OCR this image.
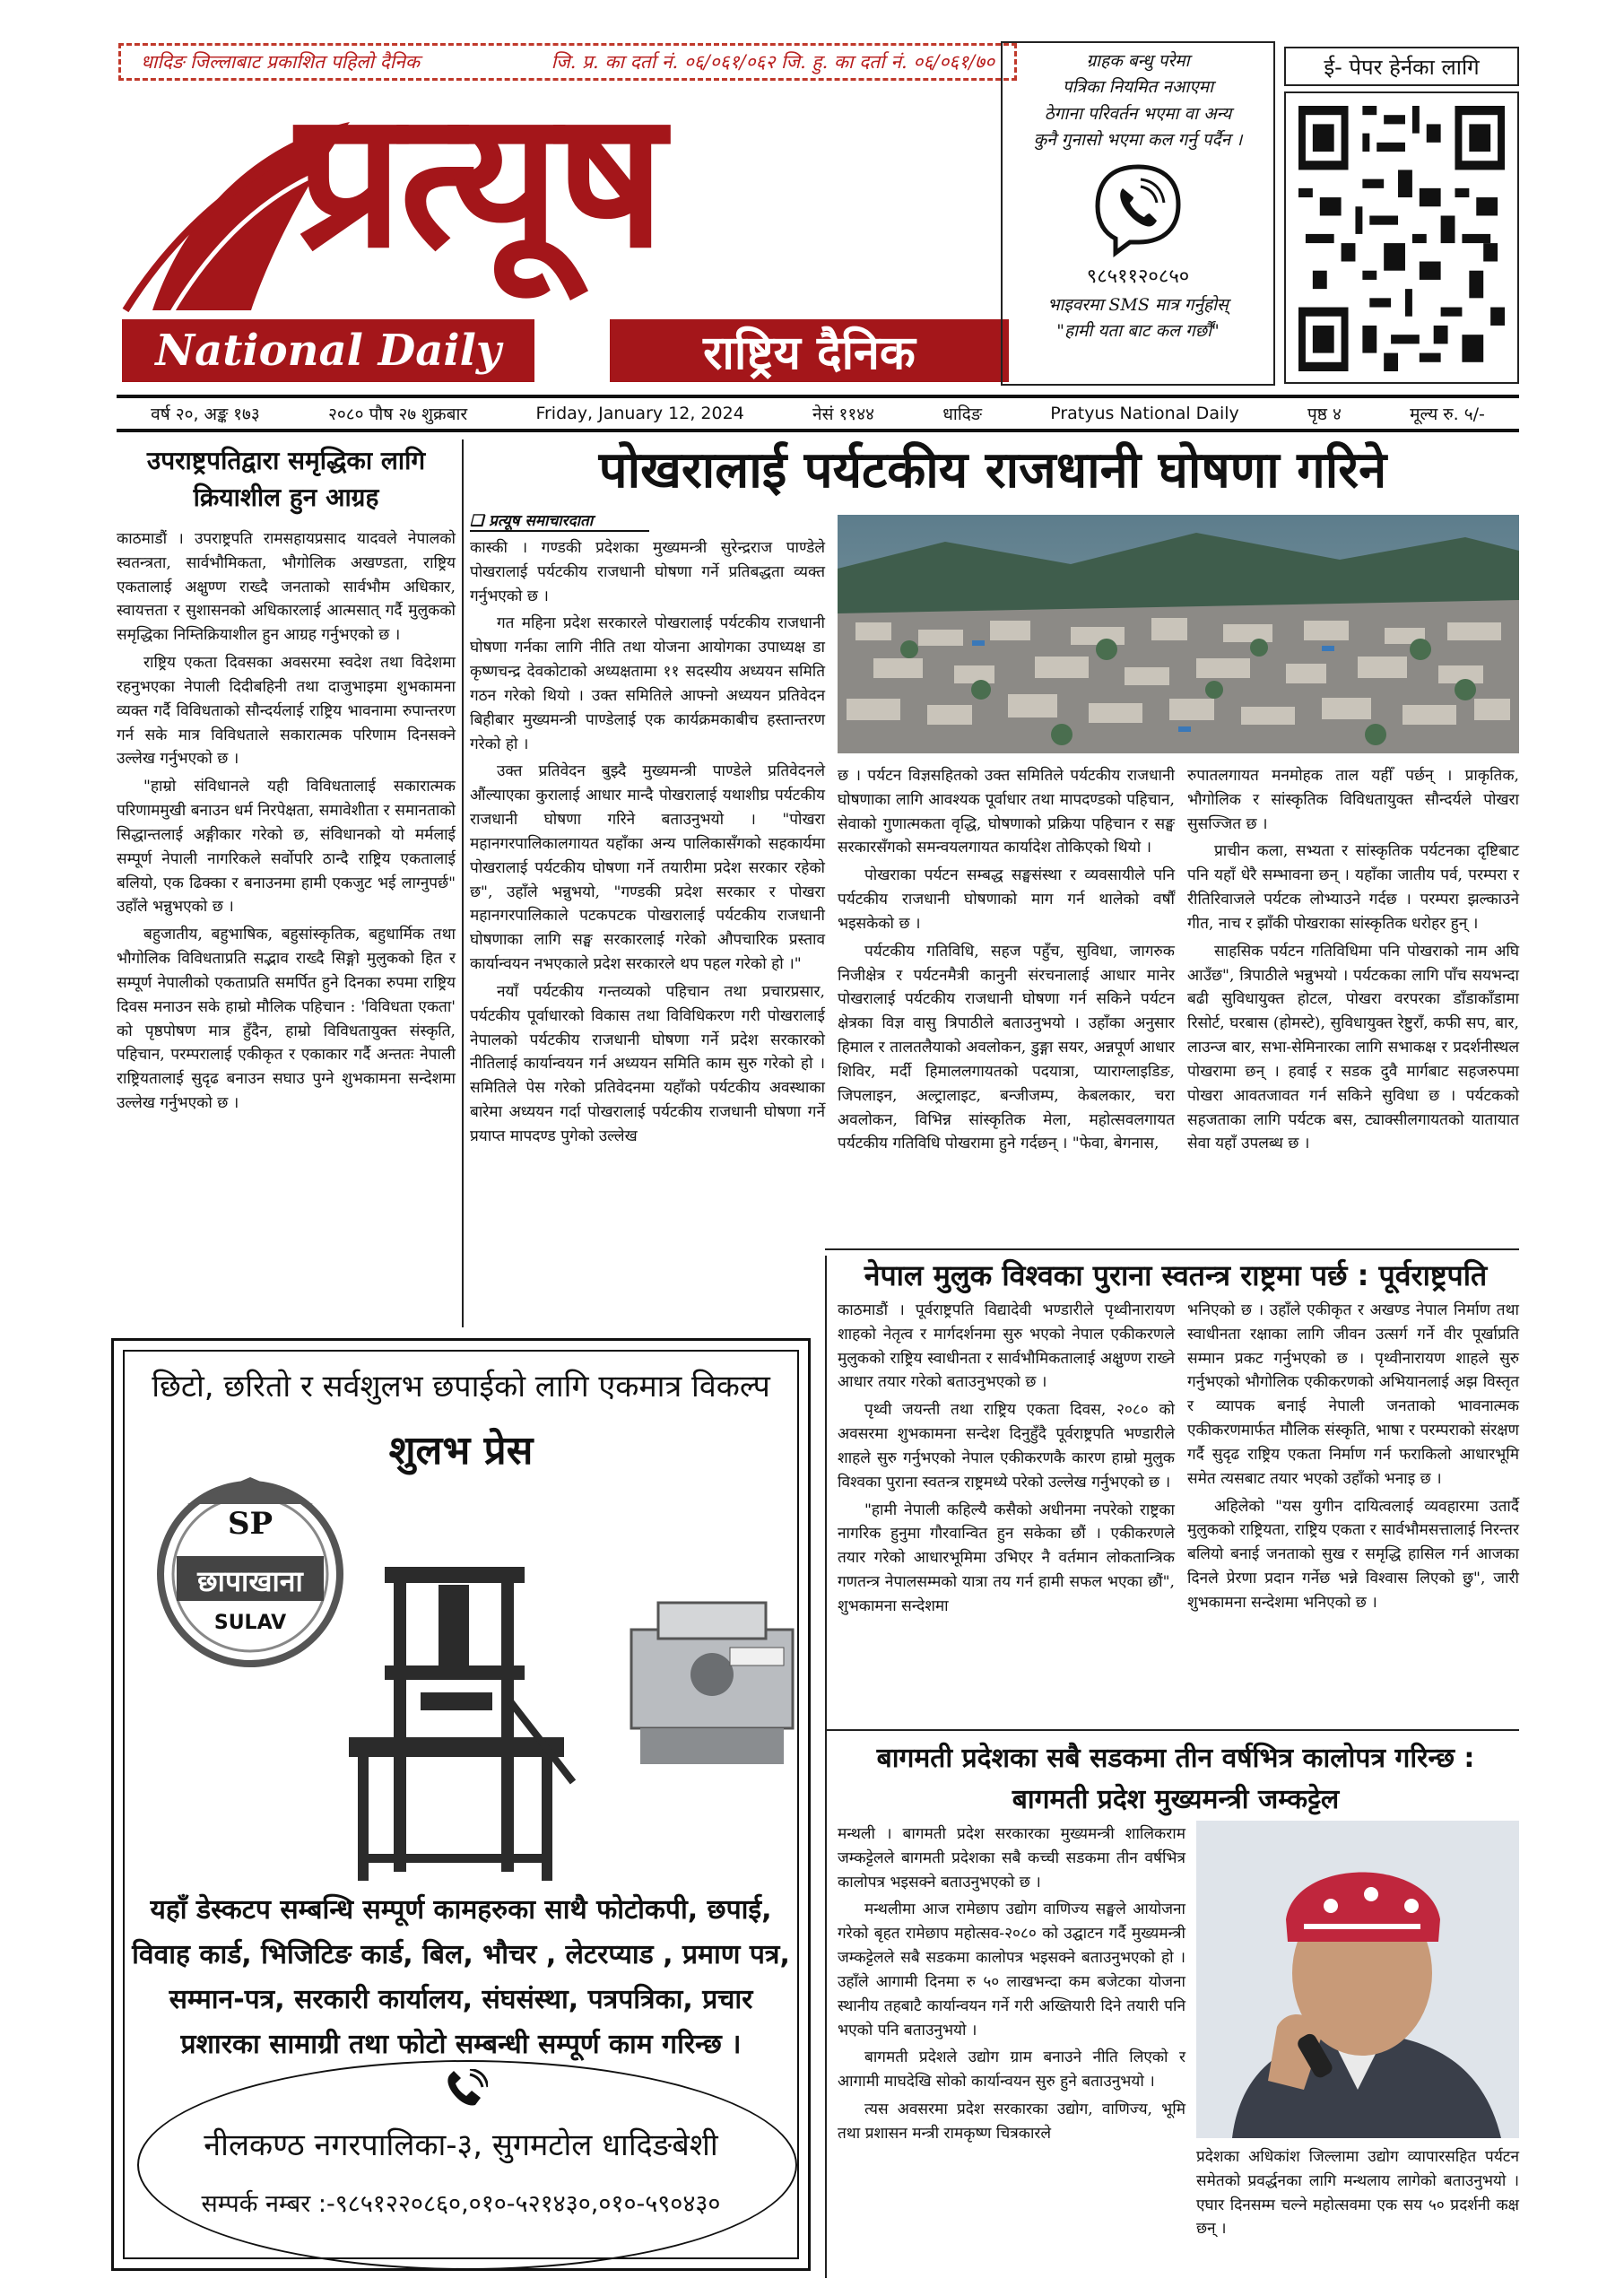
धादिङ जिल्लाबाट प्रकाशित पहिलो दैनिक	जि. प्र. का दर्ता नं. ०६/०६१/०६२ जि. हु. का दर्ता नं. ०६/०६१/७०
प्रत्यूष
National Daily	राष्ट्रिय दैनिक
ग्राहक बन्धु परेमा
पत्रिका नियमित नआएमा
ठेगाना परिवर्तन भएमा वा अन्य
कुनै गुनासो भएमा कल गर्नु पर्दैन ।
९८५११२०८५०
भाइवरमा SMS मात्र गर्नुहोस्
"हामी यता बाट कल गर्छौं"
ई- पेपर हेर्नका लागि
वर्ष २०, अङ्क १७३	२०८० पौष २७ शुक्रबार	Friday, January 12, 2024	नेसं ११४४	धादिङ	Pratyus National Daily	पृष्ठ ४	मूल्य रु. ५/-
उपराष्ट्रपतिद्वारा समृद्धिका लागि क्रियाशील हुन आग्रह

काठमाडौं । उपराष्ट्रपति रामसहायप्रसाद यादवले नेपालको स्वतन्त्रता, सार्वभौमिकता, भौगोलिक अखण्डता, राष्ट्रिय एकतालाई अक्षुण्ण राख्दै जनताको सार्वभौम अधिकार, स्वायत्तता र सुशासनको अधिकारलाई आत्मसात् गर्दै मुलुकको समृद्धिका निम्तिक्रियाशील हुन आग्रह गर्नुभएको छ ।

राष्ट्रिय एकता दिवसका अवसरमा स्वदेश तथा विदेशमा रहनुभएका नेपाली दिदीबहिनी तथा दाजुभाइमा शुभकामना व्यक्त गर्दै विविधताको सौन्दर्यलाई राष्ट्रिय भावनामा रुपान्तरण गर्न सके मात्र विविधताले सकारात्मक परिणाम दिनसक्ने उल्लेख गर्नुभएको छ ।

"हाम्रो संविधानले यही विविधतालाई सकारात्मक परिणाममुखी बनाउन धर्म निरपेक्षता, समावेशीता र समानताको सिद्धान्तलाई अङ्गीकार गरेको छ, संविधानको यो मर्मलाई सम्पूर्ण नेपाली नागरिकले सर्वोपरि ठान्दै राष्ट्रिय एकतालाई बलियो, एक ढिक्का र बनाउनमा हामी एकजुट भई लाग्नुपर्छ" उहाँले भन्नुभएको छ ।

बहुजातीय, बहुभाषिक, बहुसांस्कृतिक, बहुधार्मिक तथा भौगोलिक विविधताप्रति सद्भाव राख्दै सिङ्गो मुलुकको हित र सम्पूर्ण नेपालीको एकताप्रति समर्पित हुने दिनका रुपमा राष्ट्रिय दिवस मनाउन सके हाम्रो मौलिक पहिचान : 'विविधता एकता' को पृष्ठपोषण मात्र हुँदैन, हाम्रो विविधतायुक्त संस्कृति, पहिचान, परम्परालाई एकीकृत र एकाकार गर्दै अन्ततः नेपाली राष्ट्रियतालाई सुदृढ बनाउन सघाउ पुग्ने शुभकामना सन्देशमा उल्लेख गर्नुभएको छ ।

पोखरालाई पर्यटकीय राजधानी घोषणा गरिने
❏ प्रत्यूष समाचारदाता

कास्की । गण्डकी प्रदेशका मुख्यमन्त्री सुरेन्द्रराज पाण्डेले पोखरालाई पर्यटकीय राजधानी घोषणा गर्ने प्रतिबद्धता व्यक्त गर्नुभएको छ ।

गत महिना प्रदेश सरकारले पोखरालाई पर्यटकीय राजधानी घोषणा गर्नका लागि नीति तथा योजना आयोगका उपाध्यक्ष डा कृष्णचन्द्र देवकोटाको अध्यक्षतामा ११ सदस्यीय अध्ययन समिति गठन गरेको थियो । उक्त समितिले आफ्नो अध्ययन प्रतिवेदन बिहीबार मुख्यमन्त्री पाण्डेलाई एक कार्यक्रमकाबीच हस्तान्तरण गरेको हो ।

उक्त प्रतिवेदन बुझ्दै मुख्यमन्त्री पाण्डेले प्रतिवेदनले औंल्याएका कुरालाई आधार मान्दै पोखरालाई यथाशीघ्र पर्यटकीय राजधानी घोषणा गरिने बताउनुभयो । "पोखरा महानगरपालिकालगायत यहाँका अन्य पालिकासँगको सहकार्यमा पोखरालाई पर्यटकीय घोषणा गर्ने तयारीमा प्रदेश सरकार रहेको छ", उहाँले भन्नुभयो, "गण्डकी प्रदेश सरकार र पोखरा महानगरपालिकाले पटकपटक पोखरालाई पर्यटकीय राजधानी घोषणाका लागि सङ्घ सरकारलाई गरेको औपचारिक प्रस्ताव कार्यान्वयन नभएकाले प्रदेश सरकारले थप पहल गरेको हो ।"

नयाँ पर्यटकीय गन्तव्यको पहिचान तथा प्रचारप्रसार, पर्यटकीय पूर्वाधारको विकास तथा विविधिकरण गरी पोखरालाई नेपालको पर्यटकीय राजधानी घोषणा गर्ने प्रदेश सरकारको नीतिलाई कार्यान्वयन गर्न अध्ययन समिति काम सुरु गरेको हो । समितिले पेस गरेको प्रतिवेदनमा यहाँको पर्यटकीय अवस्थाका बारेमा अध्ययन गर्दा पोखरालाई पर्यटकीय राजधानी घोषणा गर्ने प्रयाप्त मापदण्ड पुगेको उल्लेख

छ । पर्यटन विज्ञसहितको उक्त समितिले पर्यटकीय राजधानी घोषणाका लागि आवश्यक पूर्वाधार तथा मापदण्डको पहिचान, सेवाको गुणात्मकता वृद्धि, घोषणाको प्रक्रिया पहिचान र सङ्घ सरकारसँगको समन्वयलगायत कार्यादेश तोकिएको थियो ।

पोखराका पर्यटन सम्बद्ध सङ्घसंस्था र व्यवसायीले पनि पर्यटकीय राजधानी घोषणाको माग गर्न थालेको वर्षौं भइसकेको छ ।

पर्यटकीय गतिविधि, सहज पहुँच, सुविधा, जागरुक निजीक्षेत्र र पर्यटनमैत्री कानुनी संरचनालाई आधार मानेर पोखरालाई पर्यटकीय राजधानी घोषणा गर्न सकिने पर्यटन क्षेत्रका विज्ञ वासु त्रिपाठीले बताउनुभयो । उहाँका अनुसार हिमाल र तालतलैयाको अवलोकन, डुङ्गा सयर, अन्नपूर्ण आधार शिविर, मर्दी हिमाललगायतको पदयात्रा, प्याराग्लाइडिङ, जिपलाइन, अल्ट्रालाइट, बन्जीजम्प, केबलकार, चरा अवलोकन, विभिन्न सांस्कृतिक मेला, महोत्सवलगायत पर्यटकीय गतिविधि पोखरामा हुने गर्दछन् । "फेवा, बेगनास,

रुपातलगायत मनमोहक ताल यहीँ पर्छन् । प्राकृतिक, भौगोलिक र सांस्कृतिक विविधतायुक्त सौन्दर्यले पोखरा सुसज्जित छ ।

प्राचीन कला, सभ्यता र सांस्कृतिक पर्यटनका दृष्टिबाट पनि यहाँ धेरै सम्भावना छन् । यहाँका जातीय पर्व, परम्परा र रीतिरिवाजले पर्यटक लोभ्याउने गर्दछ । परम्परा झल्काउने गीत, नाच र झाँकी पोखराका सांस्कृतिक धरोहर हुन् ।

साहसिक पर्यटन गतिविधिमा पनि पोखराको नाम अघि आउँछ", त्रिपाठीले भन्नुभयो । पर्यटकका लागि पाँच सयभन्दा बढी सुविधायुक्त होटल, पोखरा वरपरका डाँडाकाँडामा रिसोर्ट, घरबास (होमस्टे), सुविधायुक्त रेष्टुराँ, कफी सप, बार, लाउन्ज बार, सभा-सेमिनारका लागि सभाकक्ष र प्रदर्शनीस्थल पोखरामा छन् । हवाई र सडक दुवै मार्गबाट सहजरुपमा पोखरा आवतजावत गर्न सकिने सुविधा छ । पर्यटकको सहजताका लागि पर्यटक बस, ट्याक्सीलगायतको यातायात सेवा यहाँ उपलब्ध छ ।

नेपाल मुलुक विश्वका पुराना स्वतन्त्र राष्ट्रमा पर्छ : पूर्वराष्ट्रपति

काठमाडौं । पूर्वराष्ट्रपति विद्यादेवी भण्डारीले पृथ्वीनारायण शाहको नेतृत्व र मार्गदर्शनमा सुरु भएको नेपाल एकीकरणले मुलुकको राष्ट्रिय स्वाधीनता र सार्वभौमिकतालाई अक्षुण्ण राख्ने आधार तयार गरेको बताउनुभएको छ ।

पृथ्वी जयन्ती तथा राष्ट्रिय एकता दिवस, २०८० को अवसरमा शुभकामना सन्देश दिनुहुँदै पूर्वराष्ट्रपति भण्डारीले शाहले सुरु गर्नुभएको नेपाल एकीकरणकै कारण हाम्रो मुलुक विश्वका पुराना स्वतन्त्र राष्ट्रमध्ये परेको उल्लेख गर्नुभएको छ ।

"हामी नेपाली कहिल्यै कसैको अधीनमा नपरेको राष्ट्रका नागरिक हुनुमा गौरवान्वित हुन सकेका छौं । एकीकरणले तयार गरेको आधारभूमिमा उभिएर नै वर्तमान लोकतान्त्रिक गणतन्त्र नेपालसम्मको यात्रा तय गर्न हामी सफल भएका छौं", शुभकामना सन्देशमा

भनिएको छ । उहाँले एकीकृत र अखण्ड नेपाल निर्माण तथा स्वाधीनता रक्षाका लागि जीवन उत्सर्ग गर्ने वीर पूर्खाप्रति सम्मान प्रकट गर्नुभएको छ । पृथ्वीनारायण शाहले सुरु गर्नुभएको भौगोलिक एकीकरणको अभियानलाई अझ विस्तृत र व्यापक बनाई नेपाली जनताको भावनात्मक एकीकरणमार्फत मौलिक संस्कृति, भाषा र परम्पराको संरक्षण गर्दै सुदृढ राष्ट्रिय एकता निर्माण गर्न फराकिलो आधारभूमि समेत त्यसबाट तयार भएको उहाँको भनाइ छ ।

अहिलेको "यस युगीन दायित्वलाई व्यवहारमा उतार्दै मुलुकको राष्ट्रियता, राष्ट्रिय एकता र सार्वभौमसत्तालाई निरन्तर बलियो बनाई जनताको सुख र समृद्धि हासिल गर्न आजका दिनले प्रेरणा प्रदान गर्नेछ भन्ने विश्वास लिएको छु", जारी शुभकामना सन्देशमा भनिएको छ ।

बागमती प्रदेशका सबै सडकमा तीन वर्षभित्र कालोपत्र गरिन्छ :
बागमती प्रदेश मुख्यमन्त्री जम्कट्टेल

मन्थली । बागमती प्रदेश सरकारका मुख्यमन्त्री शालिकराम जम्कट्टेलले बागमती प्रदेशका सबै कच्ची सडकमा तीन वर्षभित्र कालोपत्र भइसक्ने बताउनुभएको छ ।

मन्थलीमा आज रामेछाप उद्योग वाणिज्य सङ्घले आयोजना गरेको बृहत रामेछाप महोत्सव-२०८० को उद्घाटन गर्दै मुख्यमन्त्री जम्कट्टेलले सबै सडकमा कालोपत्र भइसक्ने बताउनुभएको हो । उहाँले आगामी दिनमा रु ५० लाखभन्दा कम बजेटका योजना स्थानीय तहबाटै कार्यान्वयन गर्ने गरी अख्तियारी दिने तयारी पनि भएको पनि बताउनुभयो ।

बागमती प्रदेशले उद्योग ग्राम बनाउने नीति लिएको र आगामी माघदेखि सोको कार्यान्वयन सुरु हुने बताउनुभयो ।

त्यस अवसरमा प्रदेश सरकारका उद्योग, वाणिज्य, भूमि तथा प्रशासन मन्त्री रामकृष्ण चित्रकारले

प्रदेशका अधिकांश जिल्लामा उद्योग व्यापारसहित पर्यटन समेतको प्रवर्द्धनका लागि मन्थलाय लागेको बताउनुभयो । एघार दिनसम्म चल्ने महोत्सवमा एक सय ५० प्रदर्शनी कक्ष छन् ।
छिटो, छरितो र सर्वशुलभ छपाईको लागि एकमात्र विकल्प
शुलभ प्रेस
SP
छापाखाना
SULAV
यहाँ डेस्कटप सम्बन्धि सम्पूर्ण कामहरुका साथै फोटोकपी, छपाई,
विवाह कार्ड, भिजिटिङ कार्ड, बिल, भौचर , लेटरप्याड , प्रमाण पत्र,
सम्मान-पत्र, सरकारी कार्यालय, संघसंस्था, पत्रपत्रिका, प्रचार
प्रशारका सामाग्री तथा फोटो सम्बन्धी सम्पूर्ण काम गरिन्छ ।
नीलकण्ठ नगरपालिका-३, सुगमटोल धादिङबेशी
सम्पर्क नम्बर :-९८५१२२०८६०,०१०-५२१४३०,०१०-५९०४३०
